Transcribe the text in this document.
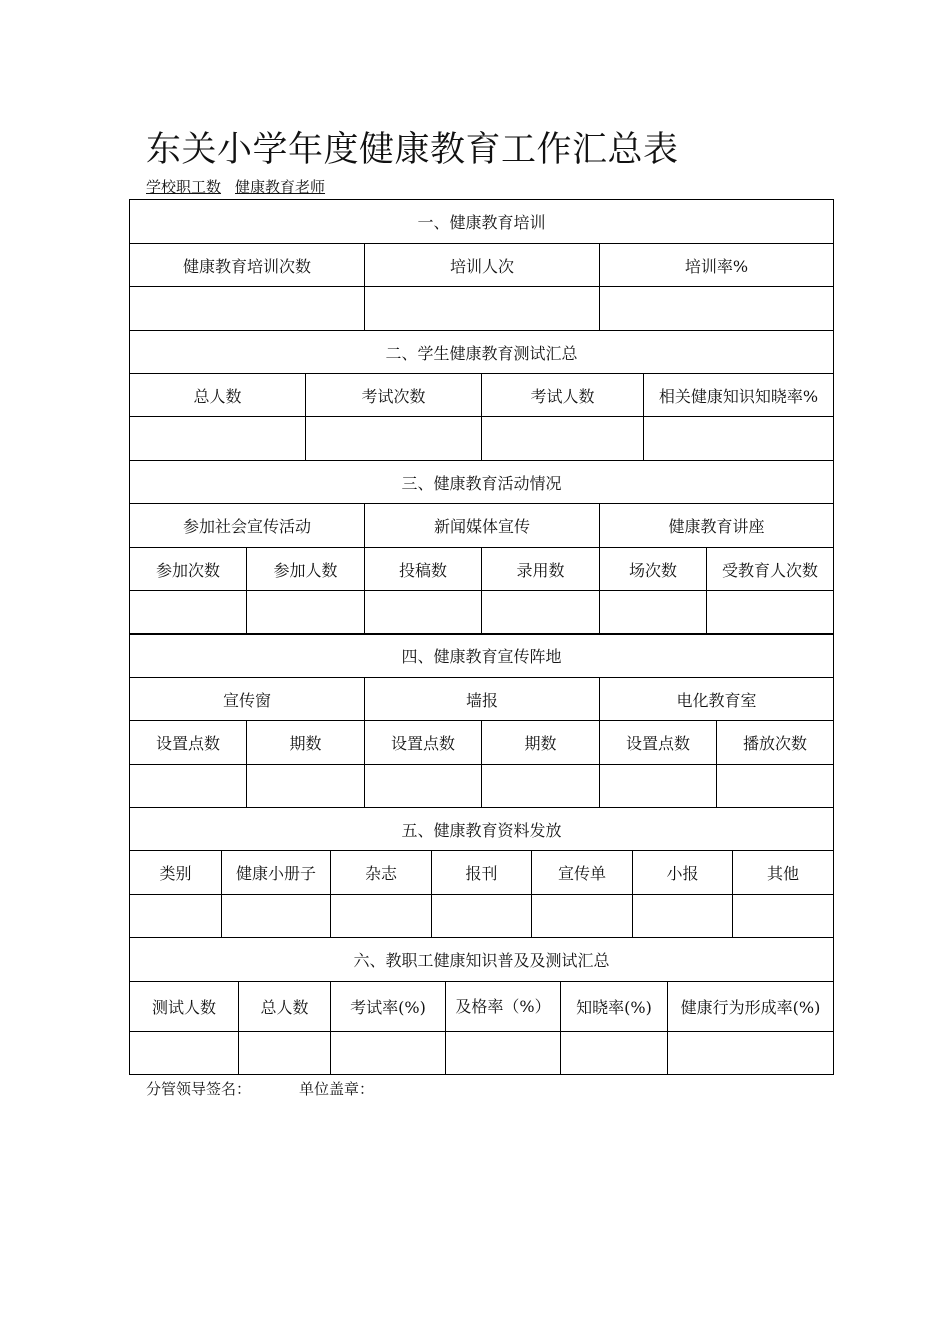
东关小学年度健康教育工作汇总表
学校职工数 健康教育老师
一、健康教育培训		
健康教育培训次数	培训人次	培训率%

二、学生健康教育测试汇总			
总人数	考试次数	考试人数	相关健康知识知晓率%

三、健康教育活动情况					
参加社会宣传活动		新闻媒体宣传		健康教育讲座	
参加次数	参加人数	投稿数	录用数	场次数	受教育人次数

四、健康教育宣传阵地					
宣传窗		墙报		电化教育室	
设置点数	期数	设置点数	期数	设置点数	播放次数

五、健康教育资料发放						
类别	健康小册子	杂志	报刊	宣传单	小报	其他

六、教职工健康知识普及及测试汇总					
测试人数	总人数	考试率(%)	及格率（%）	知晓率(%)	健康行为形成率(%)

分管领导签名：	单位盖章：
